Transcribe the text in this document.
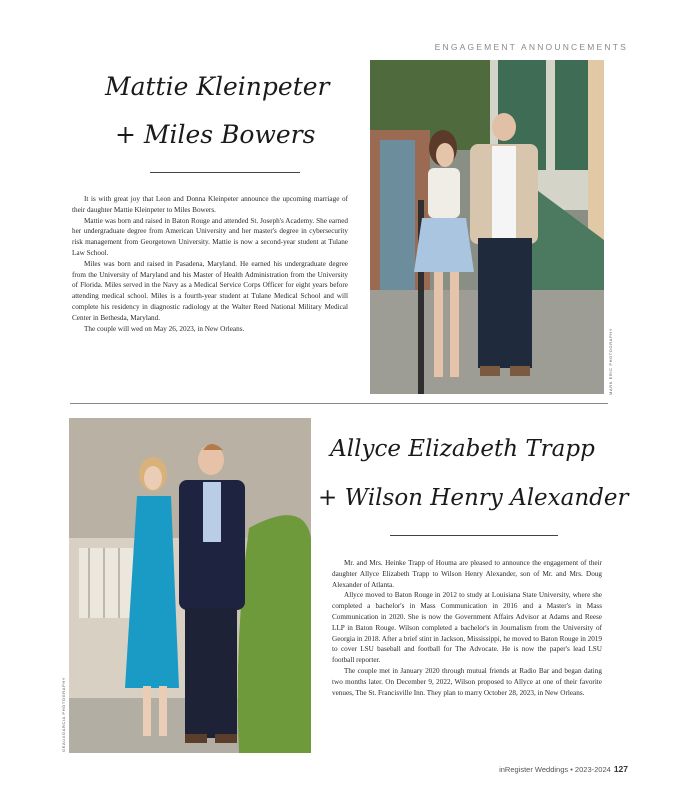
ENGAGEMENT ANNOUNCEMENTS
Mattie Kleinpeter
+ Miles Bowers

It is with great joy that Leon and Donna Kleinpeter announce the upcoming marriage of their daughter Mattie Kleinpeter to Miles Bowers.

Mattie was born and raised in Baton Rouge and attended St. Joseph's Academy. She earned her undergraduate degree from American University and her master's degree in cybersecurity risk management from Georgetown University. Mattie is now a second-year student at Tulane Law School.

Miles was born and raised in Pasadena, Maryland. He earned his undergraduate degree from the University of Maryland and his Master of Health Administration from the University of Florida. Miles served in the Navy as a Medical Service Corps Officer for eight years before attending medical school. Miles is a fourth-year student at Tulane Medical School and will complete his residency in diagnostic radiology at the Walter Reed National Military Medical Center in Bethesda, Maryland.

The couple will wed on May 26, 2023, in New Orleans.	MARK ERIC PHOTOGRAPHY
GEAUXGARCIA PHOTOGRAPHY
Allyce Elizabeth Trapp
+ Wilson Henry Alexander

Mr. and Mrs. Heinke Trapp of Houma are pleased to announce the engagement of their daughter Allyce Elizabeth Trapp to Wilson Henry Alexander, son of Mr. and Mrs. Doug Alexander of Atlanta.

Allyce moved to Baton Rouge in 2012 to study at Louisiana State University, where she completed a bachelor's in Mass Communication in 2016 and a Master's in Mass Communication in 2020. She is now the Government Affairs Advisor at Adams and Reese LLP in Baton Rouge. Wilson completed a bachelor's in Journalism from the University of Georgia in 2018. After a brief stint in Jackson, Mississippi, he moved to Baton Rouge in 2019 to cover LSU baseball and football for The Advocate. He is now the paper's lead LSU football reporter.

The couple met in January 2020 through mutual friends at Radio Bar and began dating two months later. On December 9, 2022, Wilson proposed to Allyce at one of their favorite venues, The St. Francisville Inn. They plan to marry October 28, 2023, in New Orleans.

inRegister Weddings • 2023-2024 127
